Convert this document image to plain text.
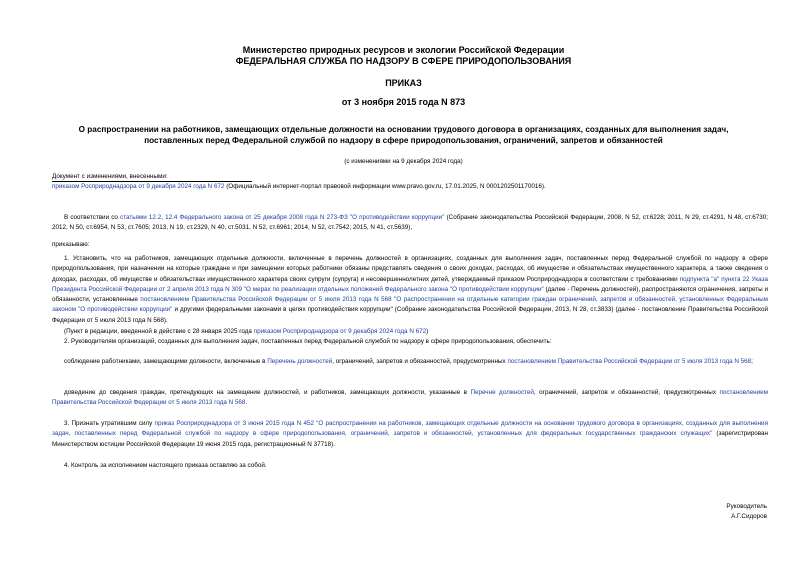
Министерство природных ресурсов и экологии Российской Федерации
ФЕДЕРАЛЬНАЯ СЛУЖБА ПО НАДЗОРУ В СФЕРЕ ПРИРОДОПОЛЬЗОВАНИЯ
ПРИКАЗ
от 3 ноября 2015 года N 873
О распространении на работников, замещающих отдельные должности на основании трудового договора в организациях, созданных для выполнения задач,
поставленных перед Федеральной службой по надзору в сфере природопользования, ограничений, запретов и обязанностей
(с изменениями на 9 декабря 2024 года)
Документ с изменениями, внесенными:
приказом Росприроднадзора от 9 декабря 2024 года N 672 (Официальный интернет-портал правовой информации www.pravo.gov.ru, 17.01.2025, N 0001202501170016).
В соответствии со статьями 12.2, 12.4 Федерального закона от 25 декабря 2008 года N 273-ФЗ "О противодействии коррупции" (Собрание законодательства Российской Федерации, 2008, N 52, ст.6228; 2011, N 29, ст.4291, N 48, ст.6730; 2012, N 50, ст.6954, N 53, ст.7605; 2013, N 19, ст.2329, N 40, ст.5031, N 52, ст.6961; 2014, N 52, ст.7542; 2015, N 41, ст.5639),
приказываю:
1. Установить, что на работников, замещающих отдельные должности, включенные в перечень должностей в организациях, созданных для выполнения задач, поставленных перед Федеральной службой по надзору в сфере природопользования, при назначении на которые граждане и при замещении которых работники обязаны представлять сведения о своих доходах, расходах, об имуществе и обязательствах имущественного характера, а также сведения о доходах, расходах, об имуществе и обязательствах имущественного характера своих супруги (супруга) и несовершеннолетних детей, утверждаемый приказом Росприроднадзора в соответствии с требованиями подпункта "а" пункта 22 Указа Президента Российской Федерации от 2 апреля 2013 года N 309 "О мерах по реализации отдельных положений Федерального закона "О противодействии коррупции" (далее - Перечень должностей), распространяются ограничения, запреты и обязанности, установленные постановлением Правительства Российской Федерации от 5 июля 2013 года N 568 "О распространении на отдельные категории граждан ограничений, запретов и обязанностей, установленных Федеральным законом "О противодействии коррупции" и другими федеральными законами в целях противодействия коррупции" (Собрание законодательства Российской Федерации, 2013, N 28, ст.3833) (далее - постановление Правительства Российской Федерации от 5 июля 2013 года N 568).
(Пункт в редакции, введенной в действие с 28 января 2025 года приказом Росприроднадзора от 9 декабря 2024 года N 672)
2. Руководителям организаций, созданных для выполнения задач, поставленных перед Федеральной службой по надзору в сфере природопользования, обеспечить:
соблюдение работниками, замещающими должности, включенные в Перечень должностей, ограничений, запретов и обязанностей, предусмотренных постановлением Правительства Российской Федерации от 5 июля 2013 года N 568;
доведение до сведения граждан, претендующих на замещение должностей, и работников, замещающих должности, указанные в Перечне должностей, ограничений, запретов и обязанностей, предусмотренных постановлением Правительства Российской Федерации от 5 июля 2013 года N 568.
3. Признать утратившим силу приказ Росприроднадзора от 3 июня 2015 года N 452 "О распространении на работников, замещающих отдельные должности на основании трудового договора в организациях, созданных для выполнения задач, поставленных перед Федеральной службой по надзору в сфере природопользования, ограничений, запретов и обязанностей, установленных для федеральных государственных гражданских служащих" (зарегистрирован Министерством юстиции Российской Федерации 19 июня 2015 года, регистрационный N 37718).
4. Контроль за исполнением настоящего приказа оставляю за собой.
Руководитель
А.Г.Сидоров
